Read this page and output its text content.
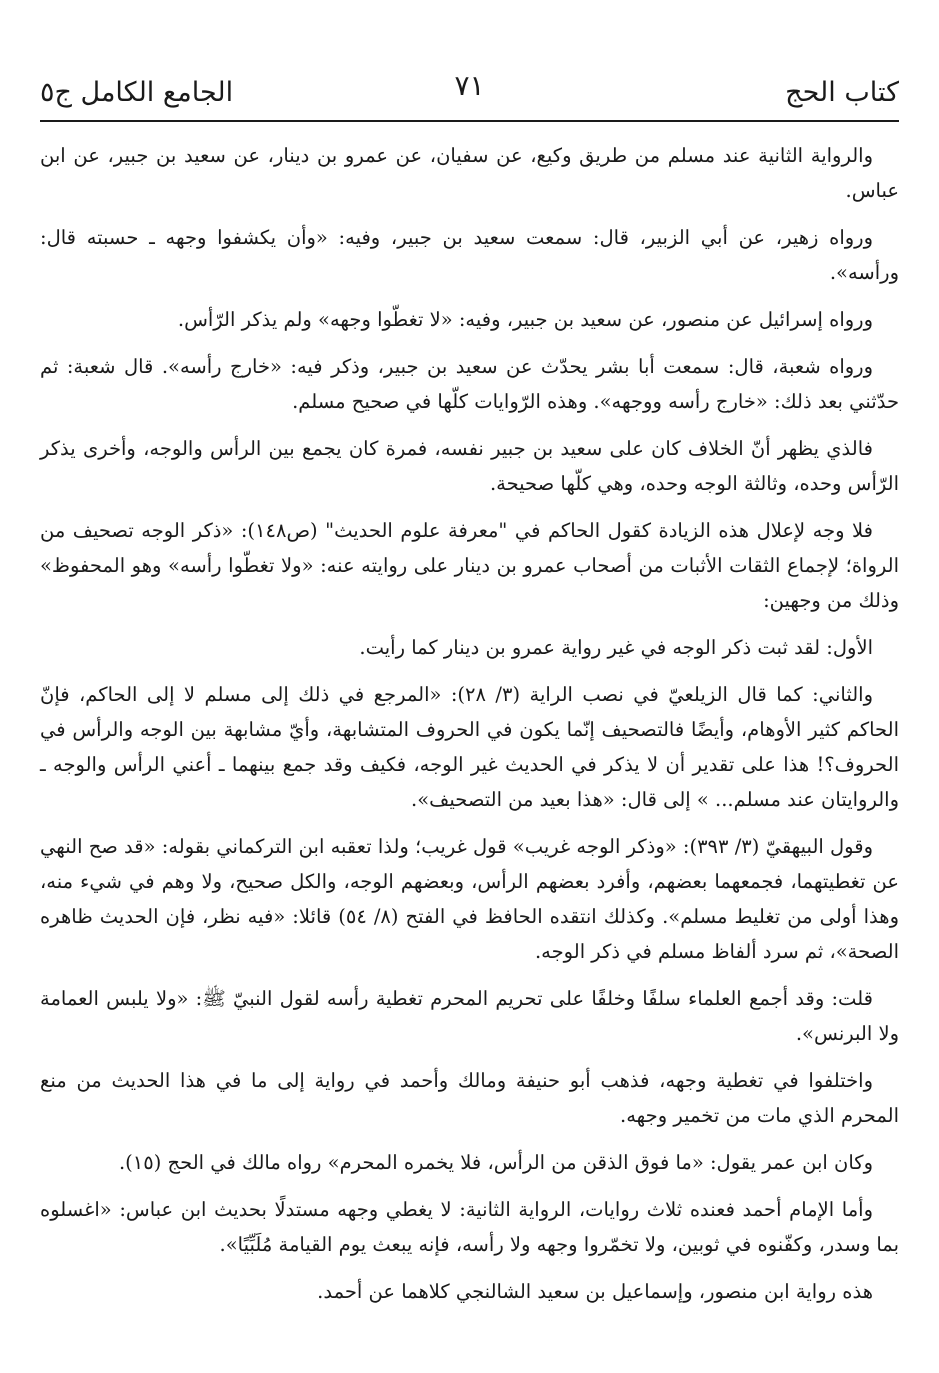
كتاب الحج
٧١
الجامع الكامل ج٥

والرواية الثانية عند مسلم من طريق وكيع، عن سفيان، عن عمرو بن دينار، عن سعيد بن جبير، عن ابن عباس.

ورواه زهير، عن أبي الزبير، قال: سمعت سعيد بن جبير، وفيه: «وأن يكشفوا وجهه ـ حسبته قال: ورأسه».

ورواه إسرائيل عن منصور، عن سعيد بن جبير، وفيه: «لا تغطّوا وجهه» ولم يذكر الرّأس.

ورواه شعبة، قال: سمعت أبا بشر يحدّث عن سعيد بن جبير، وذكر فيه: «خارج رأسه». قال شعبة: ثم حدّثني بعد ذلك: «خارج رأسه ووجهه». وهذه الرّوايات كلّها في صحيح مسلم.

فالذي يظهر أنّ الخلاف كان على سعيد بن جبير نفسه، فمرة كان يجمع بين الرأس والوجه، وأخرى يذكر الرّأس وحده، وثالثة الوجه وحده، وهي كلّها صحيحة.

فلا وجه لإعلال هذه الزيادة كقول الحاكم في "معرفة علوم الحديث" (ص١٤٨): «ذكر الوجه تصحيف من الرواة؛ لإجماع الثقات الأثبات من أصحاب عمرو بن دينار على روايته عنه: «ولا تغطّوا رأسه» وهو المحفوظ» وذلك من وجهين:

الأول: لقد ثبت ذكر الوجه في غير رواية عمرو بن دينار كما رأيت.

والثاني: كما قال الزيلعيّ في نصب الراية (٣/ ٢٨): «المرجع في ذلك إلى مسلم لا إلى الحاكم، فإنّ الحاكم كثير الأوهام، وأيضًا فالتصحيف إنّما يكون في الحروف المتشابهة، وأيّ مشابهة بين الوجه والرأس في الحروف؟! هذا على تقدير أن لا يذكر في الحديث غير الوجه، فكيف وقد جمع بينهما ـ أعني الرأس والوجه ـ والروايتان عند مسلم... » إلى قال: «هذا بعيد من التصحيف».

وقول البيهقيّ (٣/ ٣٩٣): «وذكر الوجه غريب» قول غريب؛ ولذا تعقبه ابن التركماني بقوله: «قد صح النهي عن تغطيتهما، فجمعهما بعضهم، وأفرد بعضهم الرأس، وبعضهم الوجه، والكل صحيح، ولا وهم في شيء منه، وهذا أولى من تغليط مسلم». وكذلك انتقده الحافظ في الفتح (٨/ ٥٤) قائلا: «فيه نظر، فإن الحديث ظاهره الصحة»، ثم سرد ألفاظ مسلم في ذكر الوجه.

قلت: وقد أجمع العلماء سلفًا وخلفًا على تحريم المحرم تغطية رأسه لقول النبيّ ﷺ: «ولا يلبس العمامة ولا البرنس».

واختلفوا في تغطية وجهه، فذهب أبو حنيفة ومالك وأحمد في رواية إلى ما في هذا الحديث من منع المحرم الذي مات من تخمير وجهه.

وكان ابن عمر يقول: «ما فوق الذقن من الرأس، فلا يخمره المحرم» رواه مالك في الحج (١٥).

وأما الإمام أحمد فعنده ثلاث روايات، الرواية الثانية: لا يغطي وجهه مستدلًا بحديث ابن عباس: «اغسلوه بما وسدر، وكفّنوه في ثوبين، ولا تخمّروا وجهه ولا رأسه، فإنه يبعث يوم القيامة مُلَبِّيًا».

هذه رواية ابن منصور، وإسماعيل بن سعيد الشالنجي كلاهما عن أحمد.
